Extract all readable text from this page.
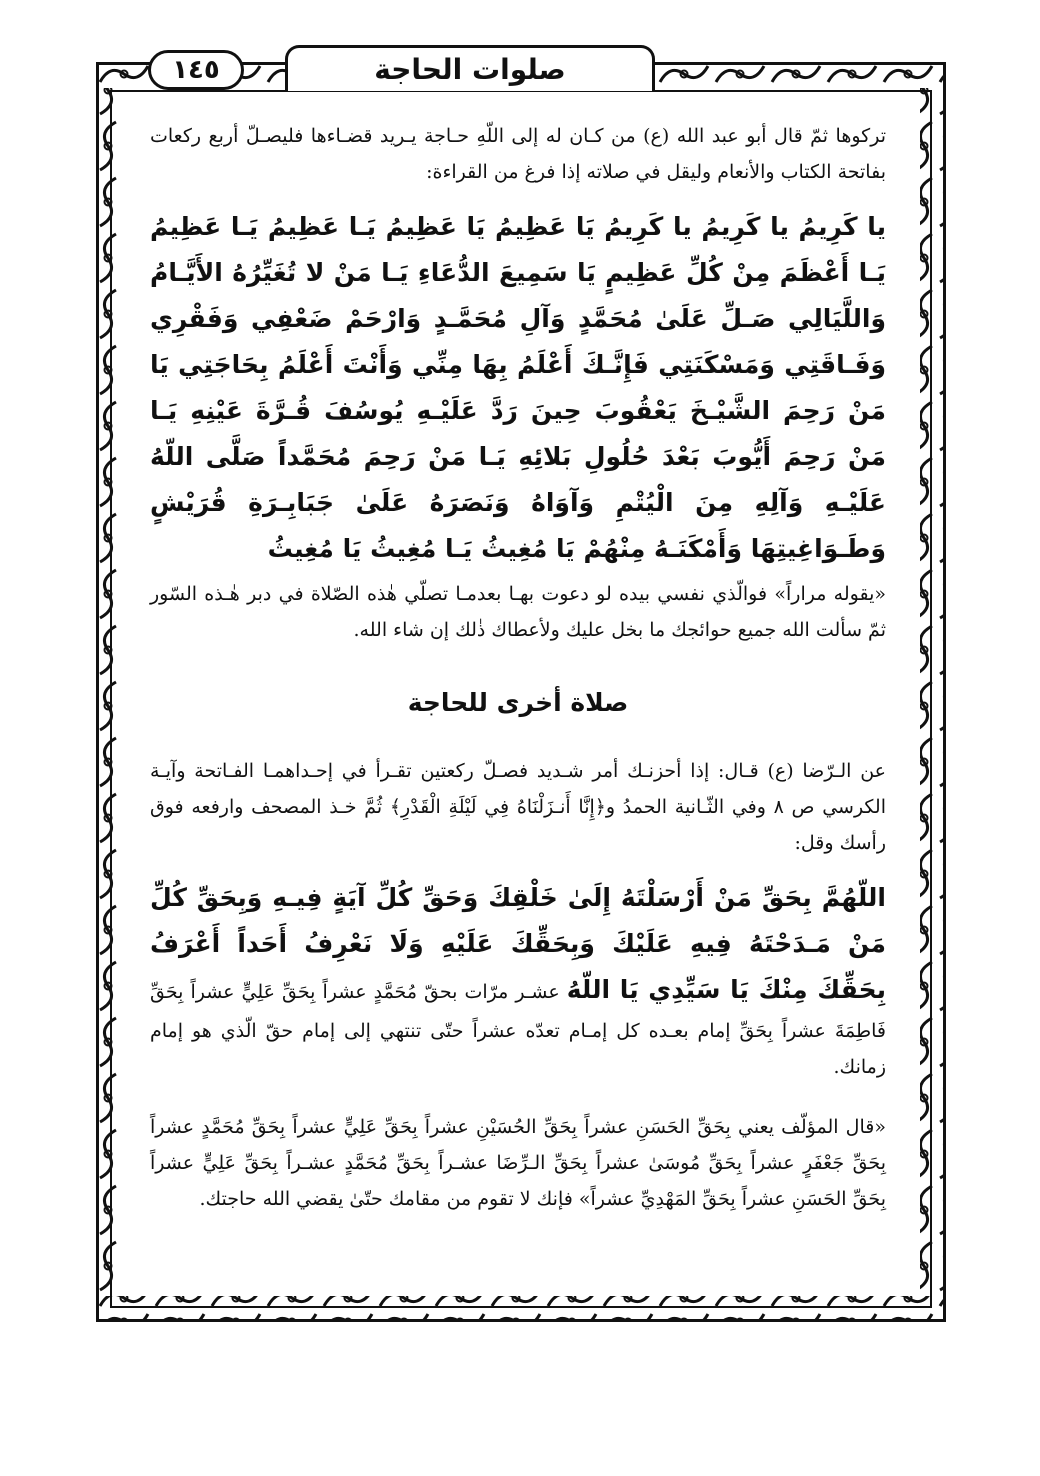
صلوات الحاجة
١٤٥

تركوها ثمّ قال أبو عبد الله (ع) من كـان له إلى اللّهِ حـاجة يـريد قضـاءها فليصـلّ أربع ركعات بفاتحة الكتاب والأنعام وليقل في صلاته إذا فرغ من القراءة:

يا كَرِيمُ يا كَرِيمُ يا كَرِيمُ يَا عَظِيمُ يَا عَظِيمُ يَـا عَظِيمُ يَـا عَظِيمُ يَـا أَعْظَمَ مِنْ كُلِّ عَظِيمٍ يَا سَمِيعَ الدُّعَاءِ يَـا مَنْ لا تُغَيِّرُهُ الأَيَّـامُ وَاللَّيَالِي صَـلِّ عَلَىٰ مُحَمَّدٍ وَآلِ مُحَمَّـدٍ وَارْحَمْ ضَعْفِي وَفَقْرِي وَفَـاقَتِي وَمَسْكَنَتِي فَإِنَّـكَ أَعْلَمُ بِهَا مِنِّي وَأَنْتَ أَعْلَمُ بِحَاجَتِي يَا مَنْ رَحِمَ الشَّيْـخَ يَعْقُوبَ حِينَ رَدَّ عَلَيْـهِ يُوسُفَ قُـرَّةَ عَيْنِهِ يَـا مَنْ رَحِمَ أَيُّوبَ بَعْدَ حُلُولِ بَلائِهِ يَـا مَنْ رَحِمَ مُحَمَّداً صَلَّى اللّهُ عَلَيْـهِ وَآلِهِ مِنَ الْيُتْمِ وَآوَاهُ وَنَصَرَهُ عَلَىٰ جَبَابِـرَةِ قُرَيْشٍ وَطَـوَاغِيتِهَا وَأَمْكَنَـهُ مِنْهُمْ يَا مُغِيثُ يَـا مُغِيثُ يَا مُغِيثُ

«يقوله مراراً» فوالّذي نفسي بيده لو دعوت بهـا بعدمـا تصلّي هٰذه الصّلاة في دبر هٰـذه السّور ثمّ سألت الله جميع حوائجك ما بخل عليك ولأعطاك ذٰلك إن شاء الله.

صلاة أخرى للحاجة

عن الـرّضا (ع) قـال: إذا أحزنـك أمر شـديد فصـلّ ركعتين تقـرأ في إحـداهمـا الفـاتحة وآيـة الكرسي ص ٨ وفي الثّـانية الحمدُ و﴿إِنَّا أَنـزَلْنَاهُ فِي لَيْلَةِ الْقَدْرِ﴾ ثُمَّ خـذ المصحف وارفعه فوق رأسك وقل:

اللّهُمَّ بِحَقِّ مَنْ أَرْسَلْتَهُ إِلَىٰ خَلْقِكَ وَحَقِّ كُلِّ آيَةٍ فِيـهِ وَبِحَقِّ كُلِّ مَنْ مَـدَحْتَهُ فِيهِ عَلَيْكَ وَبِحَقِّكَ عَلَيْهِ وَلَا نَعْرِفُ أَحَداً أَعْرَفُ بِحَقِّكَ مِنْكَ يَا سَيِّدِي يَا اللّهُ عشـر مرّات بحقّ مُحَمَّدٍ عشراً بِحَقِّ عَلِيٍّ عشراً بِحَقِّ فَاطِمَةَ عشراً بِحَقِّ إمام بعـده كل إمـام تعدّه عشراً حتّى تنتهي إلى إمام حقّ الّذي هو إمام زمانك.

«قال المؤلّف يعني بِحَقِّ الحَسَنِ عشراً بِحَقِّ الحُسَيْنِ عشراً بِحَقِّ عَلِيٍّ عشراً بِحَقِّ مُحَمَّدٍ عشراً بِحَقِّ جَعْفَرٍ عشراً بِحَقِّ مُوسَىٰ عشراً بِحَقِّ الـرِّضَا عشـراً بِحَقِّ مُحَمَّدٍ عشـراً بِحَقِّ عَلِيٍّ عشراً بِحَقِّ الحَسَنِ عشراً بِحَقِّ المَهْدِيِّ عشراً» فإنك لا تقوم من مقامك حتّىٰ يقضي الله حاجتك.
